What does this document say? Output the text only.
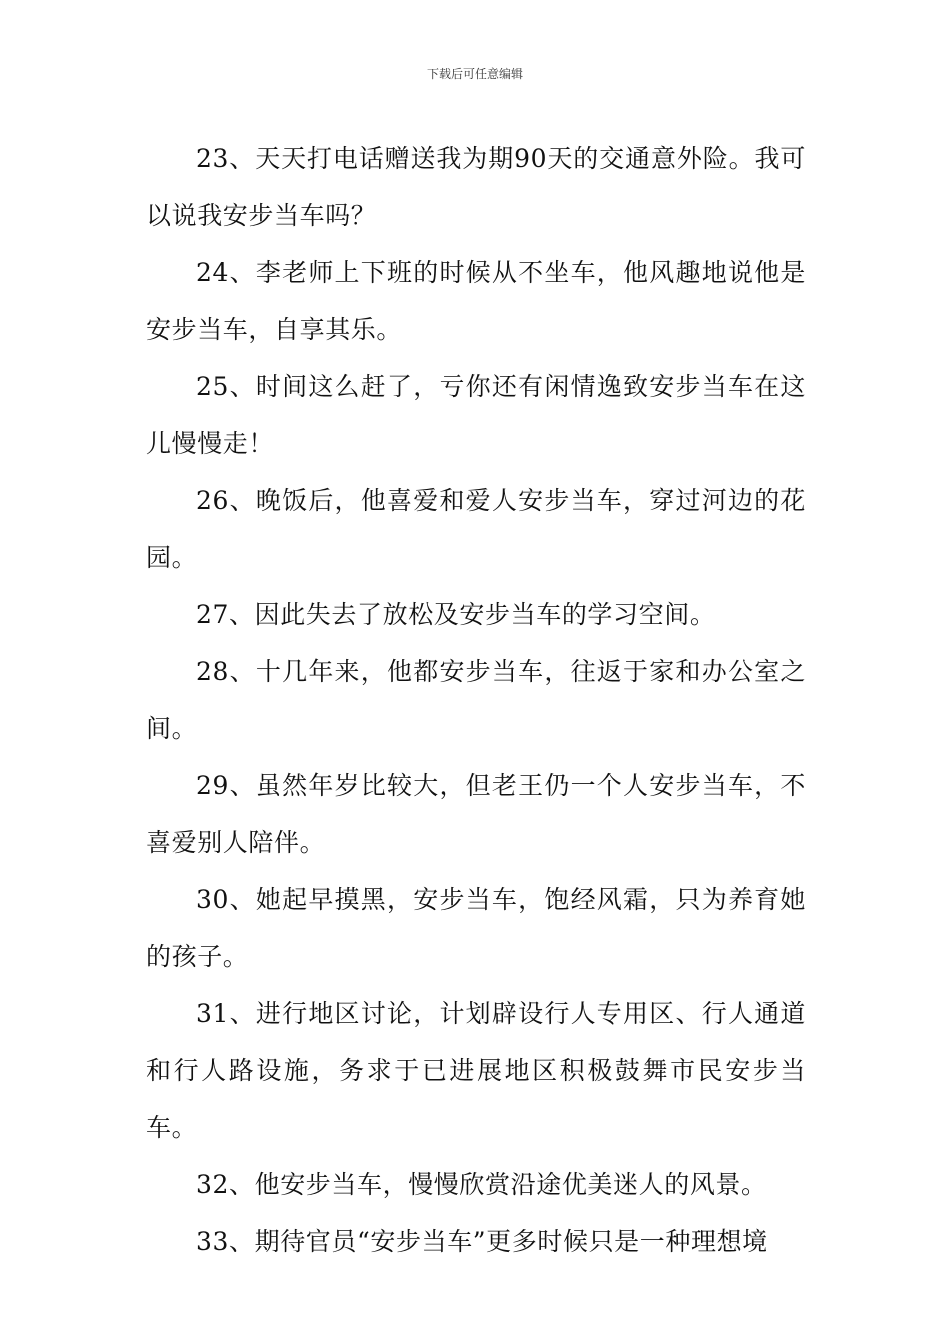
下载后可任意编辑

23、天天打电话赠送我为期90天的交通意外险。我可以说我安步当车吗？

24、李老师上下班的时候从不坐车，他风趣地说他是安步当车，自享其乐。

25、时间这么赶了，亏你还有闲情逸致安步当车在这儿慢慢走！

26、晚饭后，他喜爱和爱人安步当车，穿过河边的花园。

27、因此失去了放松及安步当车的学习空间。

28、十几年来，他都安步当车，往返于家和办公室之间。

29、虽然年岁比较大，但老王仍一个人安步当车，不喜爱别人陪伴。

30、她起早摸黑，安步当车，饱经风霜，只为养育她的孩子。

31、进行地区讨论，计划辟设行人专用区、行人通道和行人路设施，务求于已进展地区积极鼓舞市民安步当车。

32、他安步当车，慢慢欣赏沿途优美迷人的风景。

33、期待官员“安步当车”更多时候只是一种理想境
